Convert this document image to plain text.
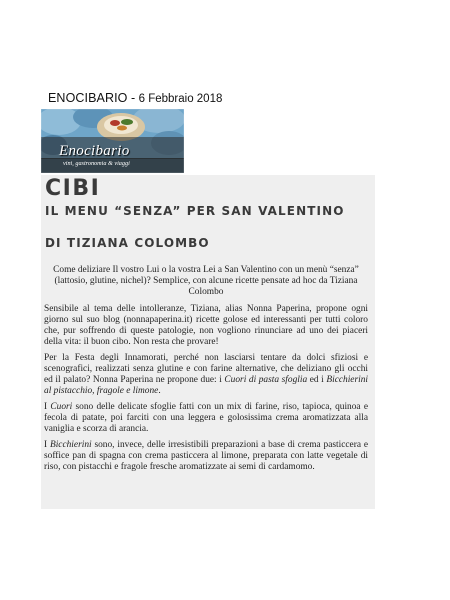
ENOCIBARIO - 6 Febbraio 2018
Enocibario
vini, gastronomia & viaggi
CIBI
IL MENU “SENZA” PER SAN VALENTINO
DI TIZIANA COLOMBO

Come deliziare Il vostro Lui o la vostra Lei a San Valentino con un menù “senza” (lattosio, glutine, nichel)? Semplice, con alcune ricette pensate ad hoc da Tiziana Colombo

Sensibile al tema delle intolleranze, Tiziana, alias Nonna Paperina, propone ogni giorno sul suo blog (nonnapaperina.it) ricette golose ed interessanti per tutti coloro che, pur soffrendo di queste patologie, non vogliono rinunciare ad uno dei piaceri della vita: il buon cibo. Non resta che provare!

Per la Festa degli Innamorati, perché non lasciarsi tentare da dolci sfiziosi e scenografici, realizzati senza glutine e con farine alternative, che deliziano gli occhi ed il palato? Nonna Paperina ne propone due: i Cuori di pasta sfoglia ed i Bicchierini al pistacchio, fragole e limone.

I Cuori sono delle delicate sfoglie fatti con un mix di farine, riso, tapioca, quinoa e fecola di patate, poi farciti con una leggera e golosissima crema aromatizzata alla vaniglia e scorza di arancia.

I Bicchierini sono, invece, delle irresistibili preparazioni a base di crema pasticcera e soffice pan di spagna con crema pasticcera al limone, preparata con latte vegetale di riso, con pistacchi e fragole fresche aromatizzate ai semi di cardamomo.
